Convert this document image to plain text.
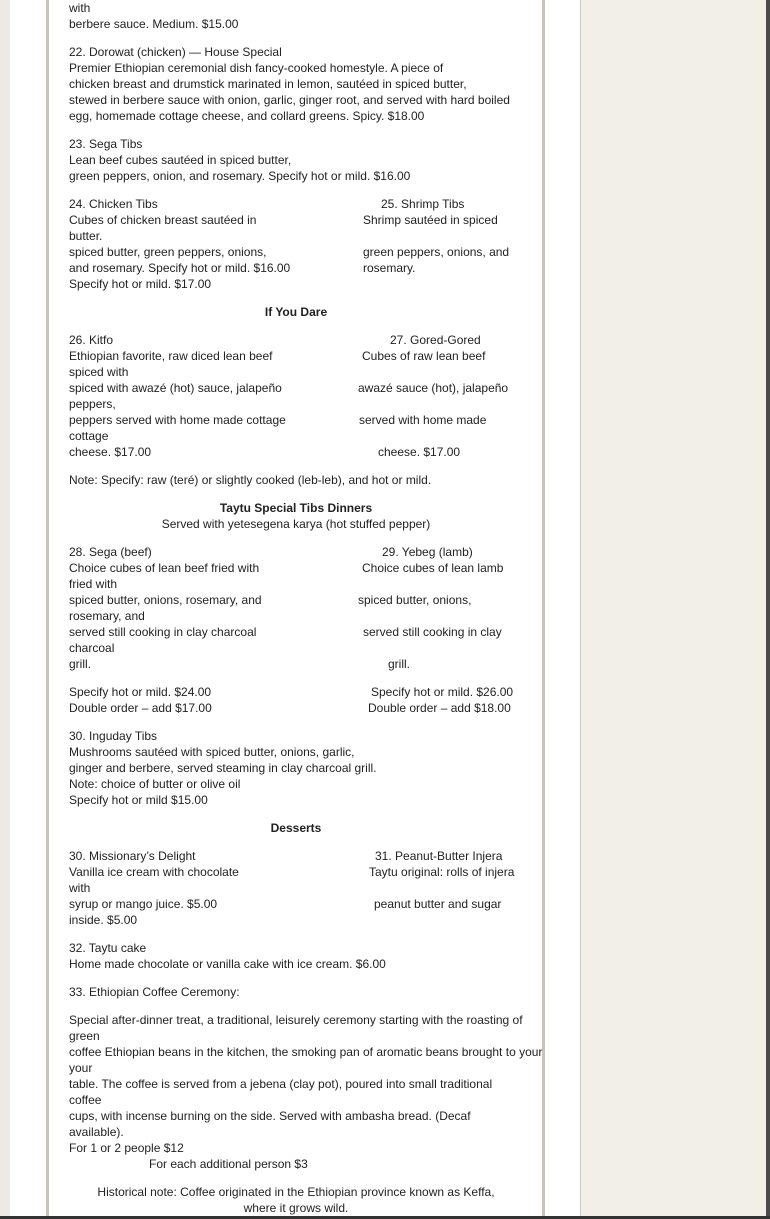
with
berbere sauce. Medium. $15.00
22. Dorowat (chicken) — House Special
Premier Ethiopian ceremonial dish fancy-cooked homestyle. A piece of
chicken breast and drumstick marinated in lemon, sautéed in spiced butter,
stewed in berbere sauce with onion, garlic, ginger root, and served with hard boiled
egg, homemade cottage cheese, and collard greens. Spicy. $18.00
23. Sega Tibs
Lean beef cubes sautéed in spiced butter,
green peppers, onion, and rosemary. Specify hot or mild. $16.00
24. Chicken Tibs	25. Shrimp Tibs
Cubes of chicken breast sautéed in	Shrimp sautéed in spiced
butter.
spiced butter, green peppers, onions,	green peppers, onions, and
and rosemary. Specify hot or mild. $16.00	rosemary.
Specify hot or mild. $17.00
If You Dare
26. Kitfo	27. Gored-Gored
Ethiopian favorite, raw diced lean beef	Cubes of raw lean beef
spiced with
spiced with awazé (hot) sauce, jalapeño	awazé sauce (hot), jalapeño
peppers,
peppers served with home made cottage	served with home made
cottage
cheese. $17.00	cheese. $17.00
Note: Specify: raw (teré) or slightly cooked (leb-leb), and hot or mild.
Taytu Special Tibs Dinners
Served with yetesegena karya (hot stuffed pepper)
28. Sega (beef)	29. Yebeg (lamb)
Choice cubes of lean beef fried with	Choice cubes of lean lamb
fried with
spiced butter, onions, rosemary, and	spiced butter, onions,
rosemary, and
served still cooking in clay charcoal	served still cooking in clay
charcoal
grill.	grill.
Specify hot or mild. $24.00	Specify hot or mild. $26.00
Double order – add $17.00	Double order – add $18.00
30. Inguday Tibs
Mushrooms sautéed with spiced butter, onions, garlic,
ginger and berbere, served steaming in clay charcoal grill.
Note: choice of butter or olive oil
Specify hot or mild $15.00
Desserts
30. Missionary’s Delight	31. Peanut-Butter Injera
Vanilla ice cream with chocolate	Taytu original: rolls of injera
with
syrup or mango juice. $5.00	peanut butter and sugar
inside. $5.00
32. Taytu cake
Home made chocolate or vanilla cake with ice cream. $6.00
33. Ethiopian Coffee Ceremony:
Special after-dinner treat, a traditional, leisurely ceremony starting with the roasting of
green
coffee Ethiopian beans in the kitchen, the smoking pan of aromatic beans brought to your
your
table. The coffee is served from a jebena (clay pot), poured into small traditional
coffee
cups, with incense burning on the side. Served with ambasha bread. (Decaf
available).
For 1 or 2 people $12
For each additional person $3
Historical note: Coffee originated in the Ethiopian province known as Keffa,
where it grows wild.
